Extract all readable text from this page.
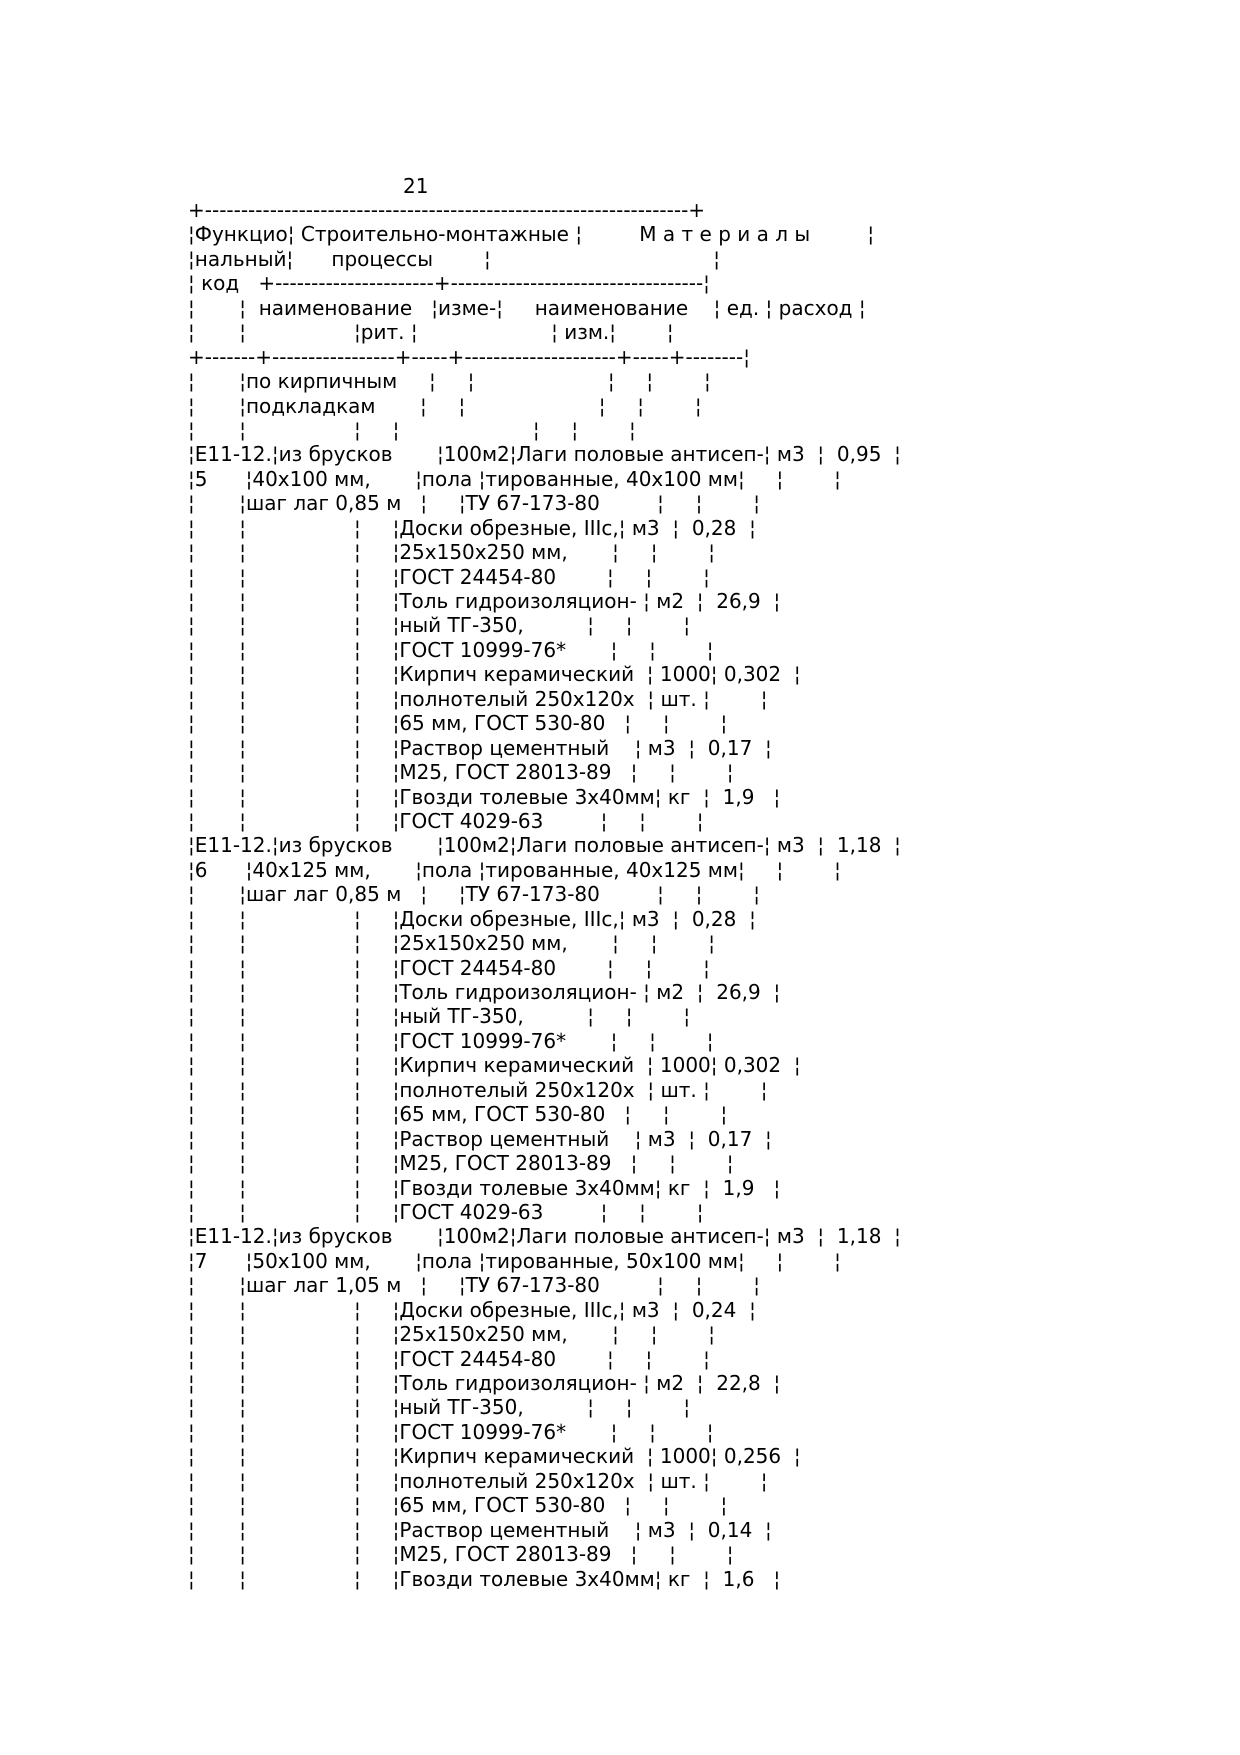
21
+-------------------------------------------------------------------+
¦Функцио¦ Строительно-монтажные ¦         М а т е р и а л ы         ¦
¦нальный¦      процессы        ¦                                   ¦
¦ код   +----------------------+-----------------------------------¦
¦       ¦  наименование   ¦изме-¦     наименование    ¦ ед. ¦ расход ¦
¦       ¦                 ¦рит. ¦                     ¦ изм.¦        ¦
+-------+-----------------+-----+---------------------+-----+--------¦
¦       ¦по кирпичным     ¦     ¦                     ¦     ¦        ¦
¦       ¦подкладкам       ¦     ¦                     ¦     ¦        ¦
¦       ¦                 ¦     ¦                     ¦     ¦        ¦
¦Е11-12.¦из брусков       ¦100м2¦Лаги половые антисеп-¦ м3  ¦  0,95  ¦
¦5      ¦40х100 мм,       ¦пола ¦тированные, 40х100 мм¦     ¦        ¦
¦       ¦шаг лаг 0,85 м   ¦     ¦ТУ 67-173-80         ¦     ¦        ¦
¦       ¦                 ¦     ¦Доски обрезные, IIIс,¦ м3  ¦  0,28  ¦
¦       ¦                 ¦     ¦25х150х250 мм,       ¦     ¦        ¦
¦       ¦                 ¦     ¦ГОСТ 24454-80        ¦     ¦        ¦
¦       ¦                 ¦     ¦Толь гидроизоляцион- ¦ м2  ¦  26,9  ¦
¦       ¦                 ¦     ¦ный ТГ-350,          ¦     ¦        ¦
¦       ¦                 ¦     ¦ГОСТ 10999-76*       ¦     ¦        ¦
¦       ¦                 ¦     ¦Кирпич керамический  ¦ 1000¦ 0,302  ¦
¦       ¦                 ¦     ¦полнотелый 250х120х  ¦ шт. ¦        ¦
¦       ¦                 ¦     ¦65 мм, ГОСТ 530-80   ¦     ¦        ¦
¦       ¦                 ¦     ¦Раствор цементный    ¦ м3  ¦  0,17  ¦
¦       ¦                 ¦     ¦М25, ГОСТ 28013-89   ¦     ¦        ¦
¦       ¦                 ¦     ¦Гвозди толевые 3х40мм¦ кг  ¦  1,9   ¦
¦       ¦                 ¦     ¦ГОСТ 4029-63         ¦     ¦        ¦
¦Е11-12.¦из брусков       ¦100м2¦Лаги половые антисеп-¦ м3  ¦  1,18  ¦
¦6      ¦40х125 мм,       ¦пола ¦тированные, 40х125 мм¦     ¦        ¦
¦       ¦шаг лаг 0,85 м   ¦     ¦ТУ 67-173-80         ¦     ¦        ¦
¦       ¦                 ¦     ¦Доски обрезные, IIIс,¦ м3  ¦  0,28  ¦
¦       ¦                 ¦     ¦25х150х250 мм,       ¦     ¦        ¦
¦       ¦                 ¦     ¦ГОСТ 24454-80        ¦     ¦        ¦
¦       ¦                 ¦     ¦Толь гидроизоляцион- ¦ м2  ¦  26,9  ¦
¦       ¦                 ¦     ¦ный ТГ-350,          ¦     ¦        ¦
¦       ¦                 ¦     ¦ГОСТ 10999-76*       ¦     ¦        ¦
¦       ¦                 ¦     ¦Кирпич керамический  ¦ 1000¦ 0,302  ¦
¦       ¦                 ¦     ¦полнотелый 250х120х  ¦ шт. ¦        ¦
¦       ¦                 ¦     ¦65 мм, ГОСТ 530-80   ¦     ¦        ¦
¦       ¦                 ¦     ¦Раствор цементный    ¦ м3  ¦  0,17  ¦
¦       ¦                 ¦     ¦М25, ГОСТ 28013-89   ¦     ¦        ¦
¦       ¦                 ¦     ¦Гвозди толевые 3х40мм¦ кг  ¦  1,9   ¦
¦       ¦                 ¦     ¦ГОСТ 4029-63         ¦     ¦        ¦
¦Е11-12.¦из брусков       ¦100м2¦Лаги половые антисеп-¦ м3  ¦  1,18  ¦
¦7      ¦50х100 мм,       ¦пола ¦тированные, 50х100 мм¦     ¦        ¦
¦       ¦шаг лаг 1,05 м   ¦     ¦ТУ 67-173-80         ¦     ¦        ¦
¦       ¦                 ¦     ¦Доски обрезные, IIIс,¦ м3  ¦  0,24  ¦
¦       ¦                 ¦     ¦25х150х250 мм,       ¦     ¦        ¦
¦       ¦                 ¦     ¦ГОСТ 24454-80        ¦     ¦        ¦
¦       ¦                 ¦     ¦Толь гидроизоляцион- ¦ м2  ¦  22,8  ¦
¦       ¦                 ¦     ¦ный ТГ-350,          ¦     ¦        ¦
¦       ¦                 ¦     ¦ГОСТ 10999-76*       ¦     ¦        ¦
¦       ¦                 ¦     ¦Кирпич керамический  ¦ 1000¦ 0,256  ¦
¦       ¦                 ¦     ¦полнотелый 250х120х  ¦ шт. ¦        ¦
¦       ¦                 ¦     ¦65 мм, ГОСТ 530-80   ¦     ¦        ¦
¦       ¦                 ¦     ¦Раствор цементный    ¦ м3  ¦  0,14  ¦
¦       ¦                 ¦     ¦М25, ГОСТ 28013-89   ¦     ¦        ¦
¦       ¦                 ¦     ¦Гвозди толевые 3х40мм¦ кг  ¦  1,6   ¦
